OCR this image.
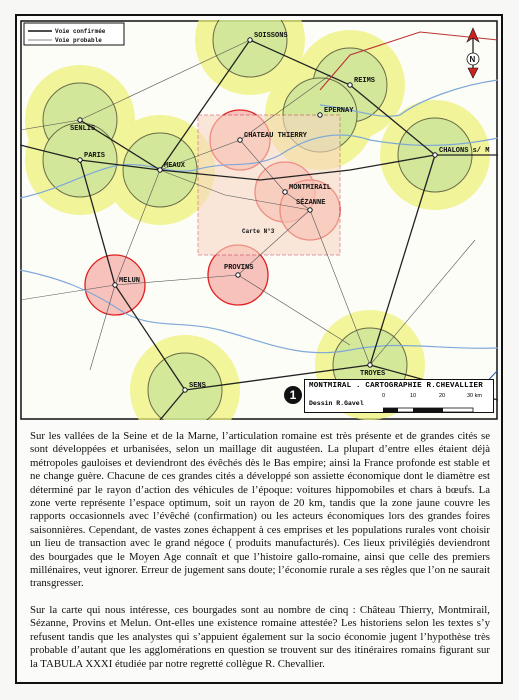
Carte N°3
SOISSONS
SENLIS
REIMS
EPERNAY
CHATEAU THIERRY
MEAUX
MONTMIRAIL
CHALONS s/ M
PARIS
SÉZANNE
PROVINS
MELUN
TROYES
SENS
Voie confirmée
Voie probable
N
1
MONTMIRAL . CARTOGRAPHIE R.CHEVALLIER
Dessin R.Gavel
0	10	20	30 km

Sur les vallées de la Seine et de la Marne, l’articulation romaine est très présente et de grandes cités se sont développées et urbanisées, selon un maillage dit augustéen. La plupart d’entre elles étaient déjà métropoles gauloises et deviendront des évêchés dès le Bas empire; ainsi la France profonde est stable et ne change guère. Chacune de ces grandes cités a développé son assiette économique dont le diamètre est déterminé par le rayon d’action des véhicules de l’époque: voitures hippomobiles et chars à bœufs. La zone verte représente l’espace optimum, soit un rayon de 20 km, tandis que la zone jaune couvre les rapports occasionnels avec l’évêché (confirmation) ou les acteurs économiques lors des grandes foires saisonnières. Cependant, de vastes zones échappent à ces emprises et les populations rurales vont choisir un lieu de transaction avec le grand négoce ( produits manufacturés). Ces lieux privilégiés deviendront des bourgades que le Moyen Age connaît et que l’histoire gallo-romaine, ainsi que celle des premiers millénaires, veut ignorer. Erreur de jugement sans doute; l’économie rurale a ses règles que l’on ne saurait transgresser.

Sur la carte qui nous intéresse, ces bourgades sont au nombre de cinq : Château Thierry, Montmirail, Sézanne, Provins et Melun. Ont-elles une existence romaine attestée? Les historiens selon les textes s’y refusent tandis que les analystes qui s’appuient également sur la socio économie jugent l’hypothèse très probable d’autant que les agglomérations en question se trouvent sur des itinéraires romains figurant sur la TABULA XXXI étudiée par notre regretté collègue R. Chevallier.
